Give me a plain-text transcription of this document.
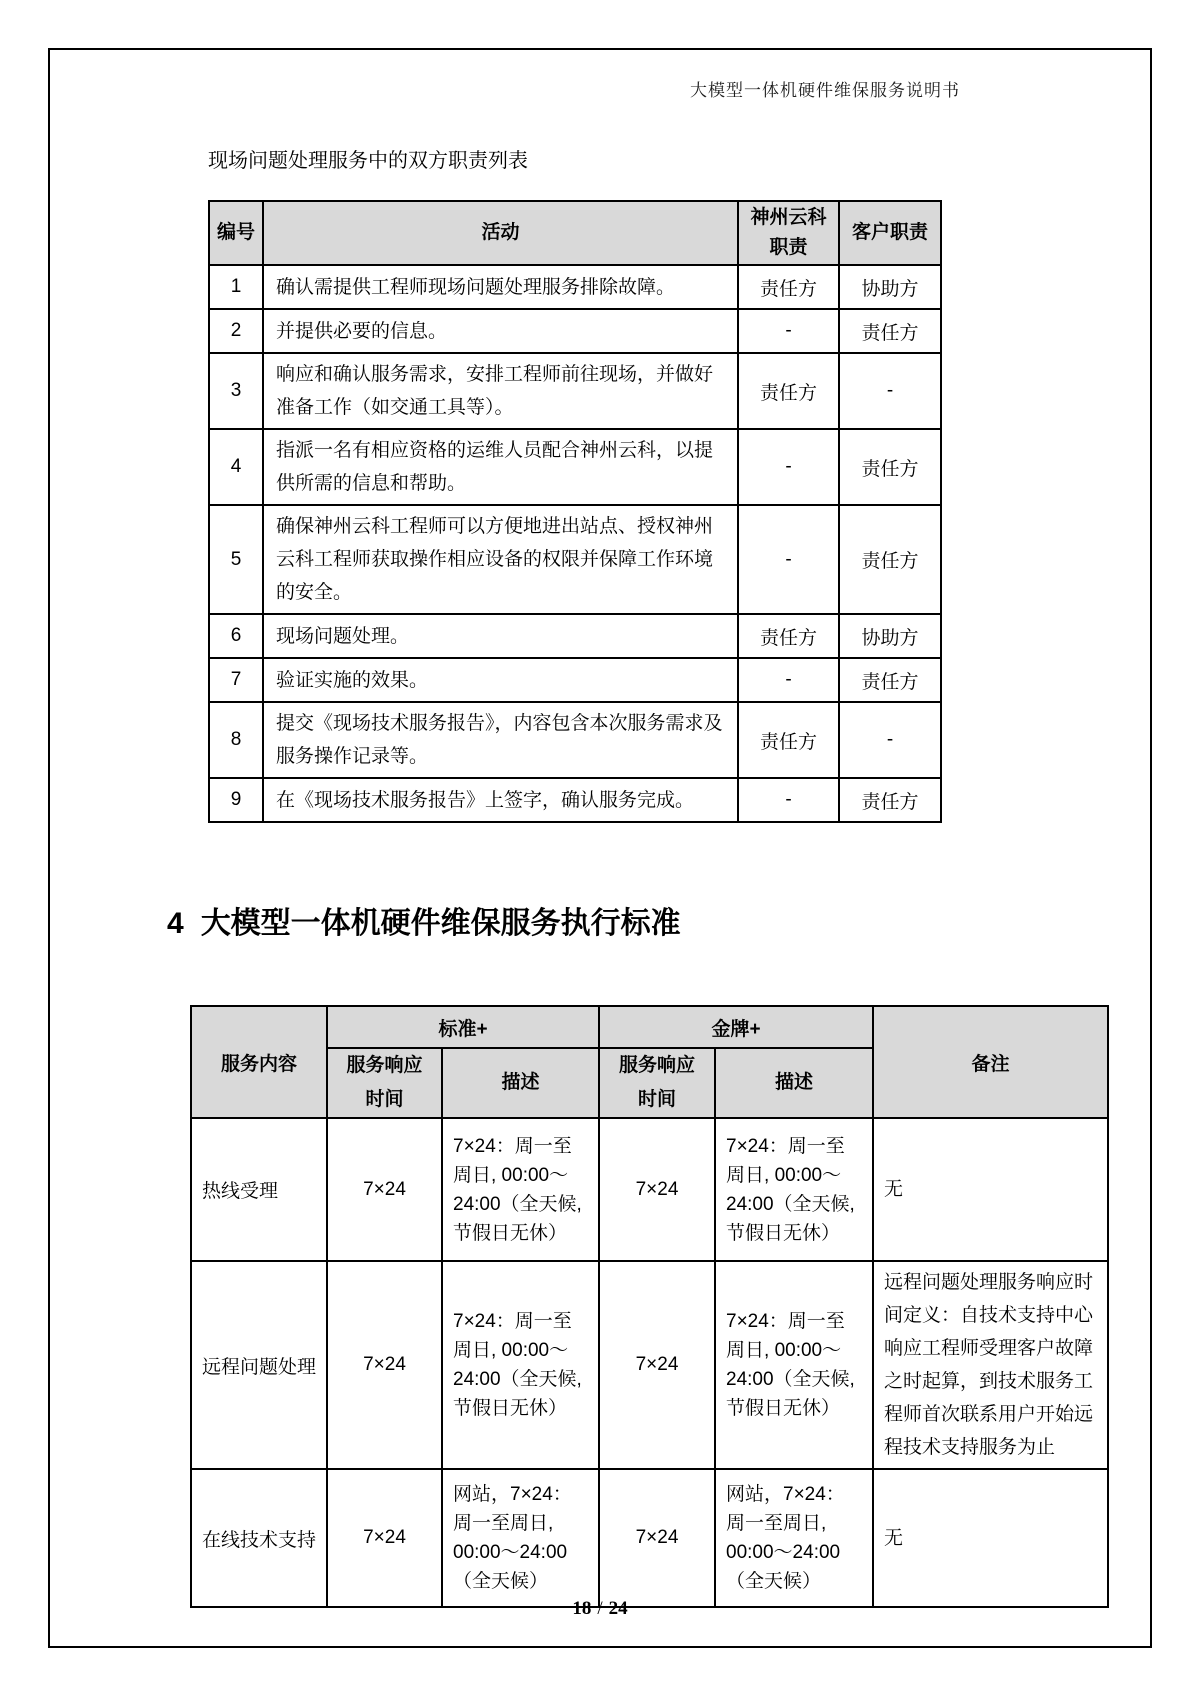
大模型一体机硬件维保服务说明书
现场问题处理服务中的双方职责列表
编号	活动	神州云科职责	客户职责
1	确认需提供工程师现场问题处理服务排除故障。	责任方	协助方
2	并提供必要的信息。	-	责任方
3	响应和确认服务需求，安排工程师前往现场，并做好准备工作（如交通工具等）。	责任方	-
4	指派一名有相应资格的运维人员配合神州云科，以提供所需的信息和帮助。	-	责任方
5	确保神州云科工程师可以方便地进出站点、授权神州云科工程师获取操作相应设备的权限并保障工作环境的安全。	-	责任方
6	现场问题处理。	责任方	协助方
7	验证实施的效果。	-	责任方
8	提交《现场技术服务报告》，内容包含本次服务需求及服务操作记录等。	责任方	-
9	在《现场技术服务报告》上签字，确认服务完成。	-	责任方
4 大模型一体机硬件维保服务执行标准
服务内容	标准+		金牌+		备注
	服务响应时间	描述	服务响应时间	描述	
热线受理	7×24	7×24：周一至周日, 00:00～24:00（全天候, 节假日无休）	7×24	7×24：周一至周日, 00:00～24:00（全天候, 节假日无休）	无
远程问题处理	7×24	7×24：周一至周日, 00:00～24:00（全天候, 节假日无休）	7×24	7×24：周一至周日, 00:00～24:00（全天候, 节假日无休）	远程问题处理服务响应时间定义：自技术支持中心响应工程师受理客户故障之时起算，到技术服务工程师首次联系用户开始远程技术支持服务为止
在线技术支持	7×24	网站，7×24：周一至周日, 00:00～24:00（全天候）	7×24	网站，7×24：周一至周日, 00:00～24:00（全天候）	无
18 / 24
